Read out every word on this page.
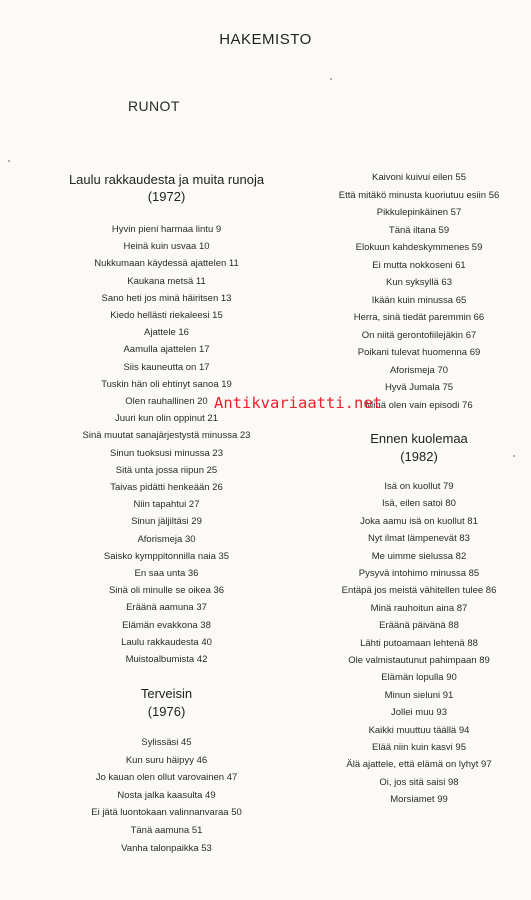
HAKEMISTO
RUNOT
Laulu rakkaudesta ja muita runoja
(1972)
Hyvin pieni harmaa lintu 9
Heinä kuin usvaa 10
Nukkumaan käydessä ajattelen 11
Kaukana metsä 11
Sano heti jos minä häiritsen 13
Kiedo hellästi riekaleesi 15
Ajattele 16
Aamulla ajattelen 17
Siis kauneutta on 17
Tuskin hän oli ehtinyt sanoa 19
Olen rauhallinen 20
Juuri kun olin oppinut 21
Sinä muutat sanajärjestystä minussa 23
Sinun tuoksusi minussa 23
Sitä unta jossa riipun 25
Taivas pidätti henkeään 26
Niin tapahtui 27
Sinun jäljiltäsi 29
Aforismeja 30
Saisko kymppitonnilla naia 35
En saa unta 36
Sinä oli minulle se oikea 36
Eräänä aamuna 37
Elämän evakkona 38
Laulu rakkaudesta 40
Muistoalbumista 42
Terveisin
(1976)
Sylissäsi 45
Kun suru häipyy 46
Jo kauan olen ollut varovainen 47
Nosta jalka kaasulta 49
Ei jätä luontokaan valinnanvaraa 50
Tänä aamuna 51
Vanha talonpaikka 53
Kaivoni kuivui eilen 55
Että mitäkö minusta kuoriutuu esiin 56
Pikkulepinkäinen 57
Tänä iltana 59
Elokuun kahdeskymmenes 59
Ei mutta nokkoseni 61
Kun syksyllä 63
Ikään kuin minussa 65
Herra, sinä tiedät paremmin 66
On niitä gerontofiilejäkin 67
Poikani tulevat huomenna 69
Aforismeja 70
Hyvä Jumala 75
Minä olen vain episodi 76
Ennen kuolemaa
(1982)
Isä on kuollut 79
Isä, eilen satoi 80
Joka aamu isä on kuollut 81
Nyt ilmat lämpenevät 83
Me uimme sielussa 82
Pysyvä intohimo minussa 85
Entäpä jos meistä vähitellen tulee 86
Minä rauhoitun aina 87
Eräänä päivänä 88
Lähti putoamaan lehtenä 88
Ole valmistautunut pahimpaan 89
Elämän lopulla 90
Minun sieluni 91
Jollei muu 93
Kaikki muuttuu täällä 94
Elää niin kuin kasvi 95
Älä ajattele, että elämä on lyhyt 97
Oi, jos sitä saisi 98
Morsiamet 99
Antikvariaatti.net
